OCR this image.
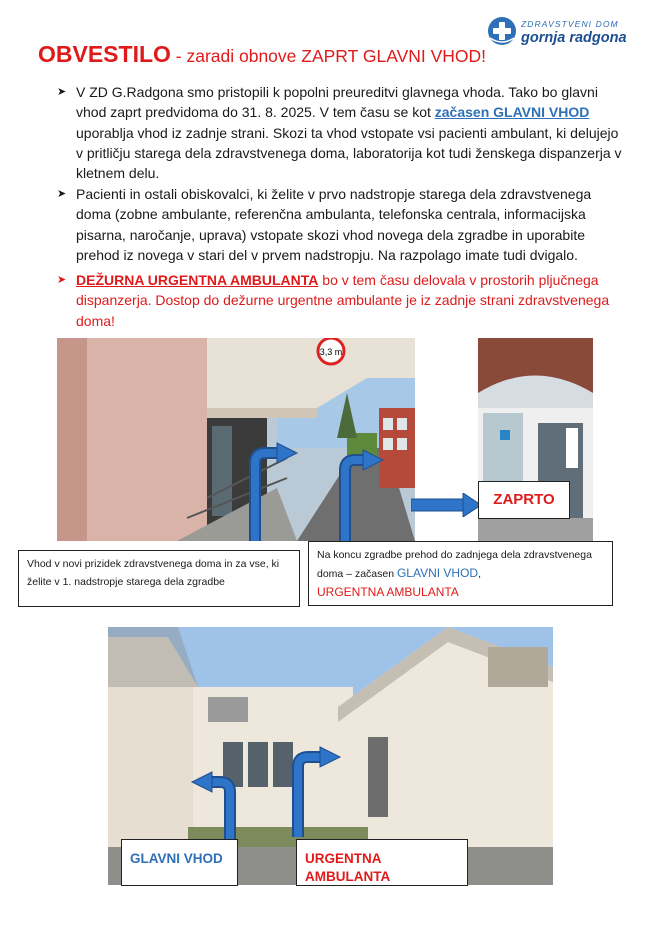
ZDRAVSTVENI DOM
gornja radgona
OBVESTILO - zaradi obnove ZAPRT GLAVNI VHOD!
➤ V ZD G.Radgona smo pristopili k popolni preureditvi glavnega vhoda. Tako bo glavni vhod zaprt predvidoma do 31. 8. 2025. V tem času se kot začasen GLAVNI VHOD uporablja vhod iz zadnje strani. Skozi ta vhod vstopate vsi pacienti ambulant, ki delujejo v pritličju starega dela zdravstvenega doma, laboratorija kot tudi ženskega dispanzerja v kletnem delu.
➤ Pacienti in ostali obiskovalci, ki želite v prvo nadstropje starega dela zdravstvenega doma (zobne ambulante, referenčna ambulanta, telefonska centrala, informacijska pisarna, naročanje, uprava) vstopate skozi vhod novega dela zgradbe in uporabite prehod iz novega v stari del v prvem nadstropju. Na razpolago imate tudi dvigalo.
➤ DEŽURNA URGENTNA AMBULANTA bo v tem času delovala v prostorih pljučnega dispanzerja. Dostop do dežurne urgentne ambulante je iz zadnje strani zdravstvenega doma!
3,3 m
ZAPRTO
Vhod v novi prizidek zdravstvenega doma in za vse, ki želite v 1. nadstropje starega dela zgradbe
Na koncu zgradbe prehod do zadnjega dela zdravstvenega doma – začasen GLAVNI VHOD,
URGENTNA AMBULANTA
GLAVNI VHOD	URGENTNA AMBULANTA
